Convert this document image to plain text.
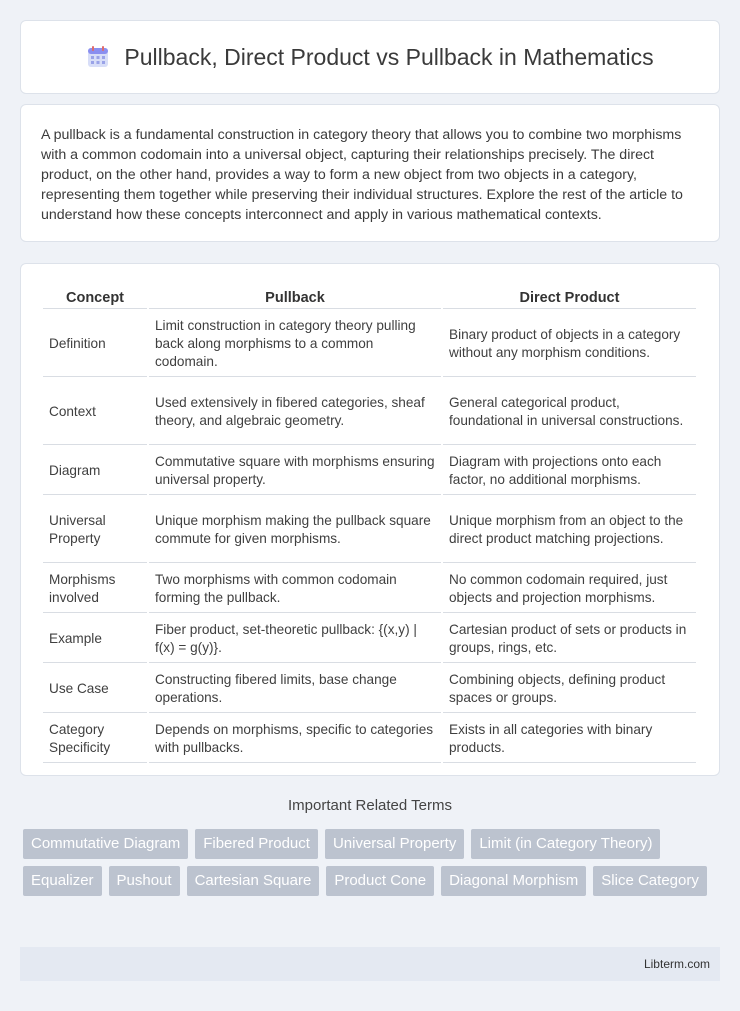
Pullback, Direct Product vs Pullback in Mathematics

A pullback is a fundamental construction in category theory that allows you to combine two morphisms with a common codomain into a universal object, capturing their relationships precisely. The direct product, on the other hand, provides a way to form a new object from two objects in a category, representing them together while preserving their individual structures. Explore the rest of the article to understand how these concepts interconnect and apply in various mathematical contexts.

Concept	Pullback	Direct Product
Definition	Limit construction in category theory pulling back along morphisms to a common codomain.	Binary product of objects in a category without any morphism conditions.
Context	Used extensively in fibered categories, sheaf theory, and algebraic geometry.	General categorical product, foundational in universal constructions.
Diagram	Commutative square with morphisms ensuring universal property.	Diagram with projections onto each factor, no additional morphisms.
Universal Property	Unique morphism making the pullback square commute for given morphisms.	Unique morphism from an object to the direct product matching projections.
Morphisms involved	Two morphisms with common codomain forming the pullback.	No common codomain required, just objects and projection morphisms.
Example	Fiber product, set-theoretic pullback: {(x,y) | f(x) = g(y)}.	Cartesian product of sets or products in groups, rings, etc.
Use Case	Constructing fibered limits, base change operations.	Combining objects, defining product spaces or groups.
Category Specificity	Depends on morphisms, specific to categories with pullbacks.	Exists in all categories with binary products.
Important Related Terms
Commutative Diagram	Fibered Product	Universal Property	Limit (in Category Theory)
Equalizer	Pushout	Cartesian Square	Product Cone	Diagonal Morphism	Slice Category
Libterm.com
